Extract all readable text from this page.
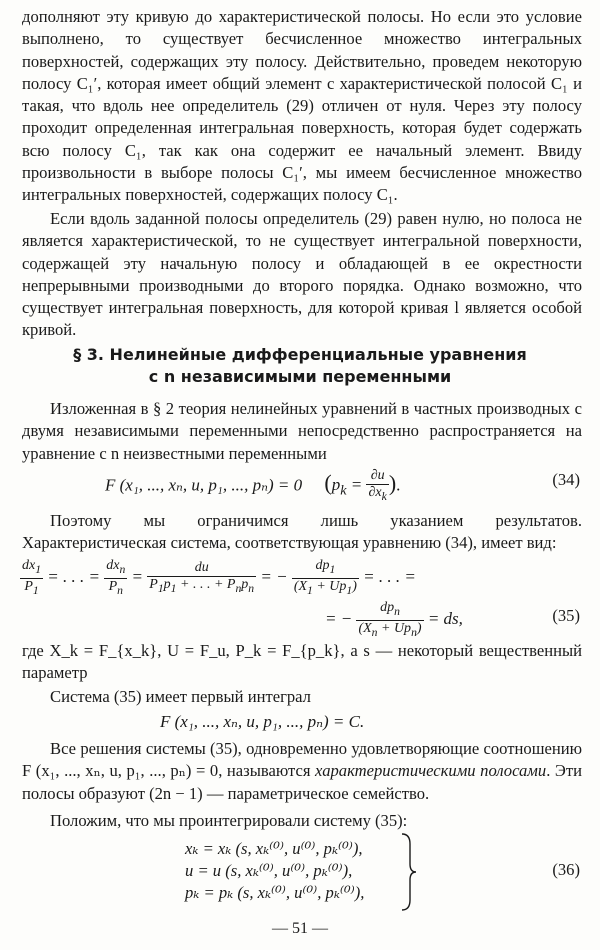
дополняют эту кривую до характеристической полосы. Но если это условие выполнено, то существует бесчисленное множество интегральных поверхностей, содержащих эту полосу. Действительно, проведем некоторую полосу C₁′, которая имеет общий элемент с характеристической полосой C₁ и такая, что вдоль нее определитель (29) отличен от нуля. Через эту полосу проходит определенная интегральная поверхность, которая будет содержать всю полосу C₁, так как она содержит ее начальный элемент. Ввиду произвольности в выборе полосы C₁′, мы имеем бесчисленное множество интегральных поверхностей, содержащих полосу C₁.
Если вдоль заданной полосы определитель (29) равен нулю, но полоса не является характеристической, то не существует интегральной поверхности, содержащей эту начальную полосу и обладающей в ее окрестности непрерывными производными до второго порядка. Однако возможно, что существует интегральная поверхность, для которой кривая l является особой кривой.
§ 3. Нелинейные дифференциальные уравнения
с n независимыми переменными
Изложенная в § 2 теория нелинейных уравнений в частных производных с двумя независимыми переменными непосредственно распространяется на уравнение с n неизвестными переменными
F (x₁, ..., xₙ, u, p₁, ..., pₙ) = 0 ($p_k = \frac{\partial u}{\partial x_k}$ ).	(34)
Поэтому мы ограничимся лишь указанием результатов. Характеристическая система, соответствующая уравнению (34), имеет вид:
$\frac{dx_1}{P_1}$ = . . . = $\frac{dx_n}{P_n} = \frac{du}{P_1p_1 + . . . + P_np_n}$ = − $\frac{dp_1}{(X_1 + Up_1)}$ = . . . =
= − $\frac{dp_n}{(X_n + Up_n)}$ = ds,	(35)
где X_k = F_{x_k}, U = F_u, P_k = F_{p_k}, а s — некоторый вещественный параметр
Система (35) имеет первый интеграл
F (x₁, ..., xₙ, u, p₁, ..., pₙ) = C.
Все решения системы (35), одновременно удовлетворяющие соотношению F (x₁, ..., xₙ, u, p₁, ..., pₙ) = 0, называются характеристическими полосами. Эти полосы образуют (2n − 1) — параметрическое семейство.
Положим, что мы проинтегрировали систему (35):
xₖ = xₖ (s, xₖ⁽⁰⁾, u⁽⁰⁾, pₖ⁽⁰⁾),
u = u (s, xₖ⁽⁰⁾, u⁽⁰⁾, pₖ⁽⁰⁾),
pₖ = pₖ (s, xₖ⁽⁰⁾, u⁽⁰⁾, pₖ⁽⁰⁾),
(36)
— 51 —
